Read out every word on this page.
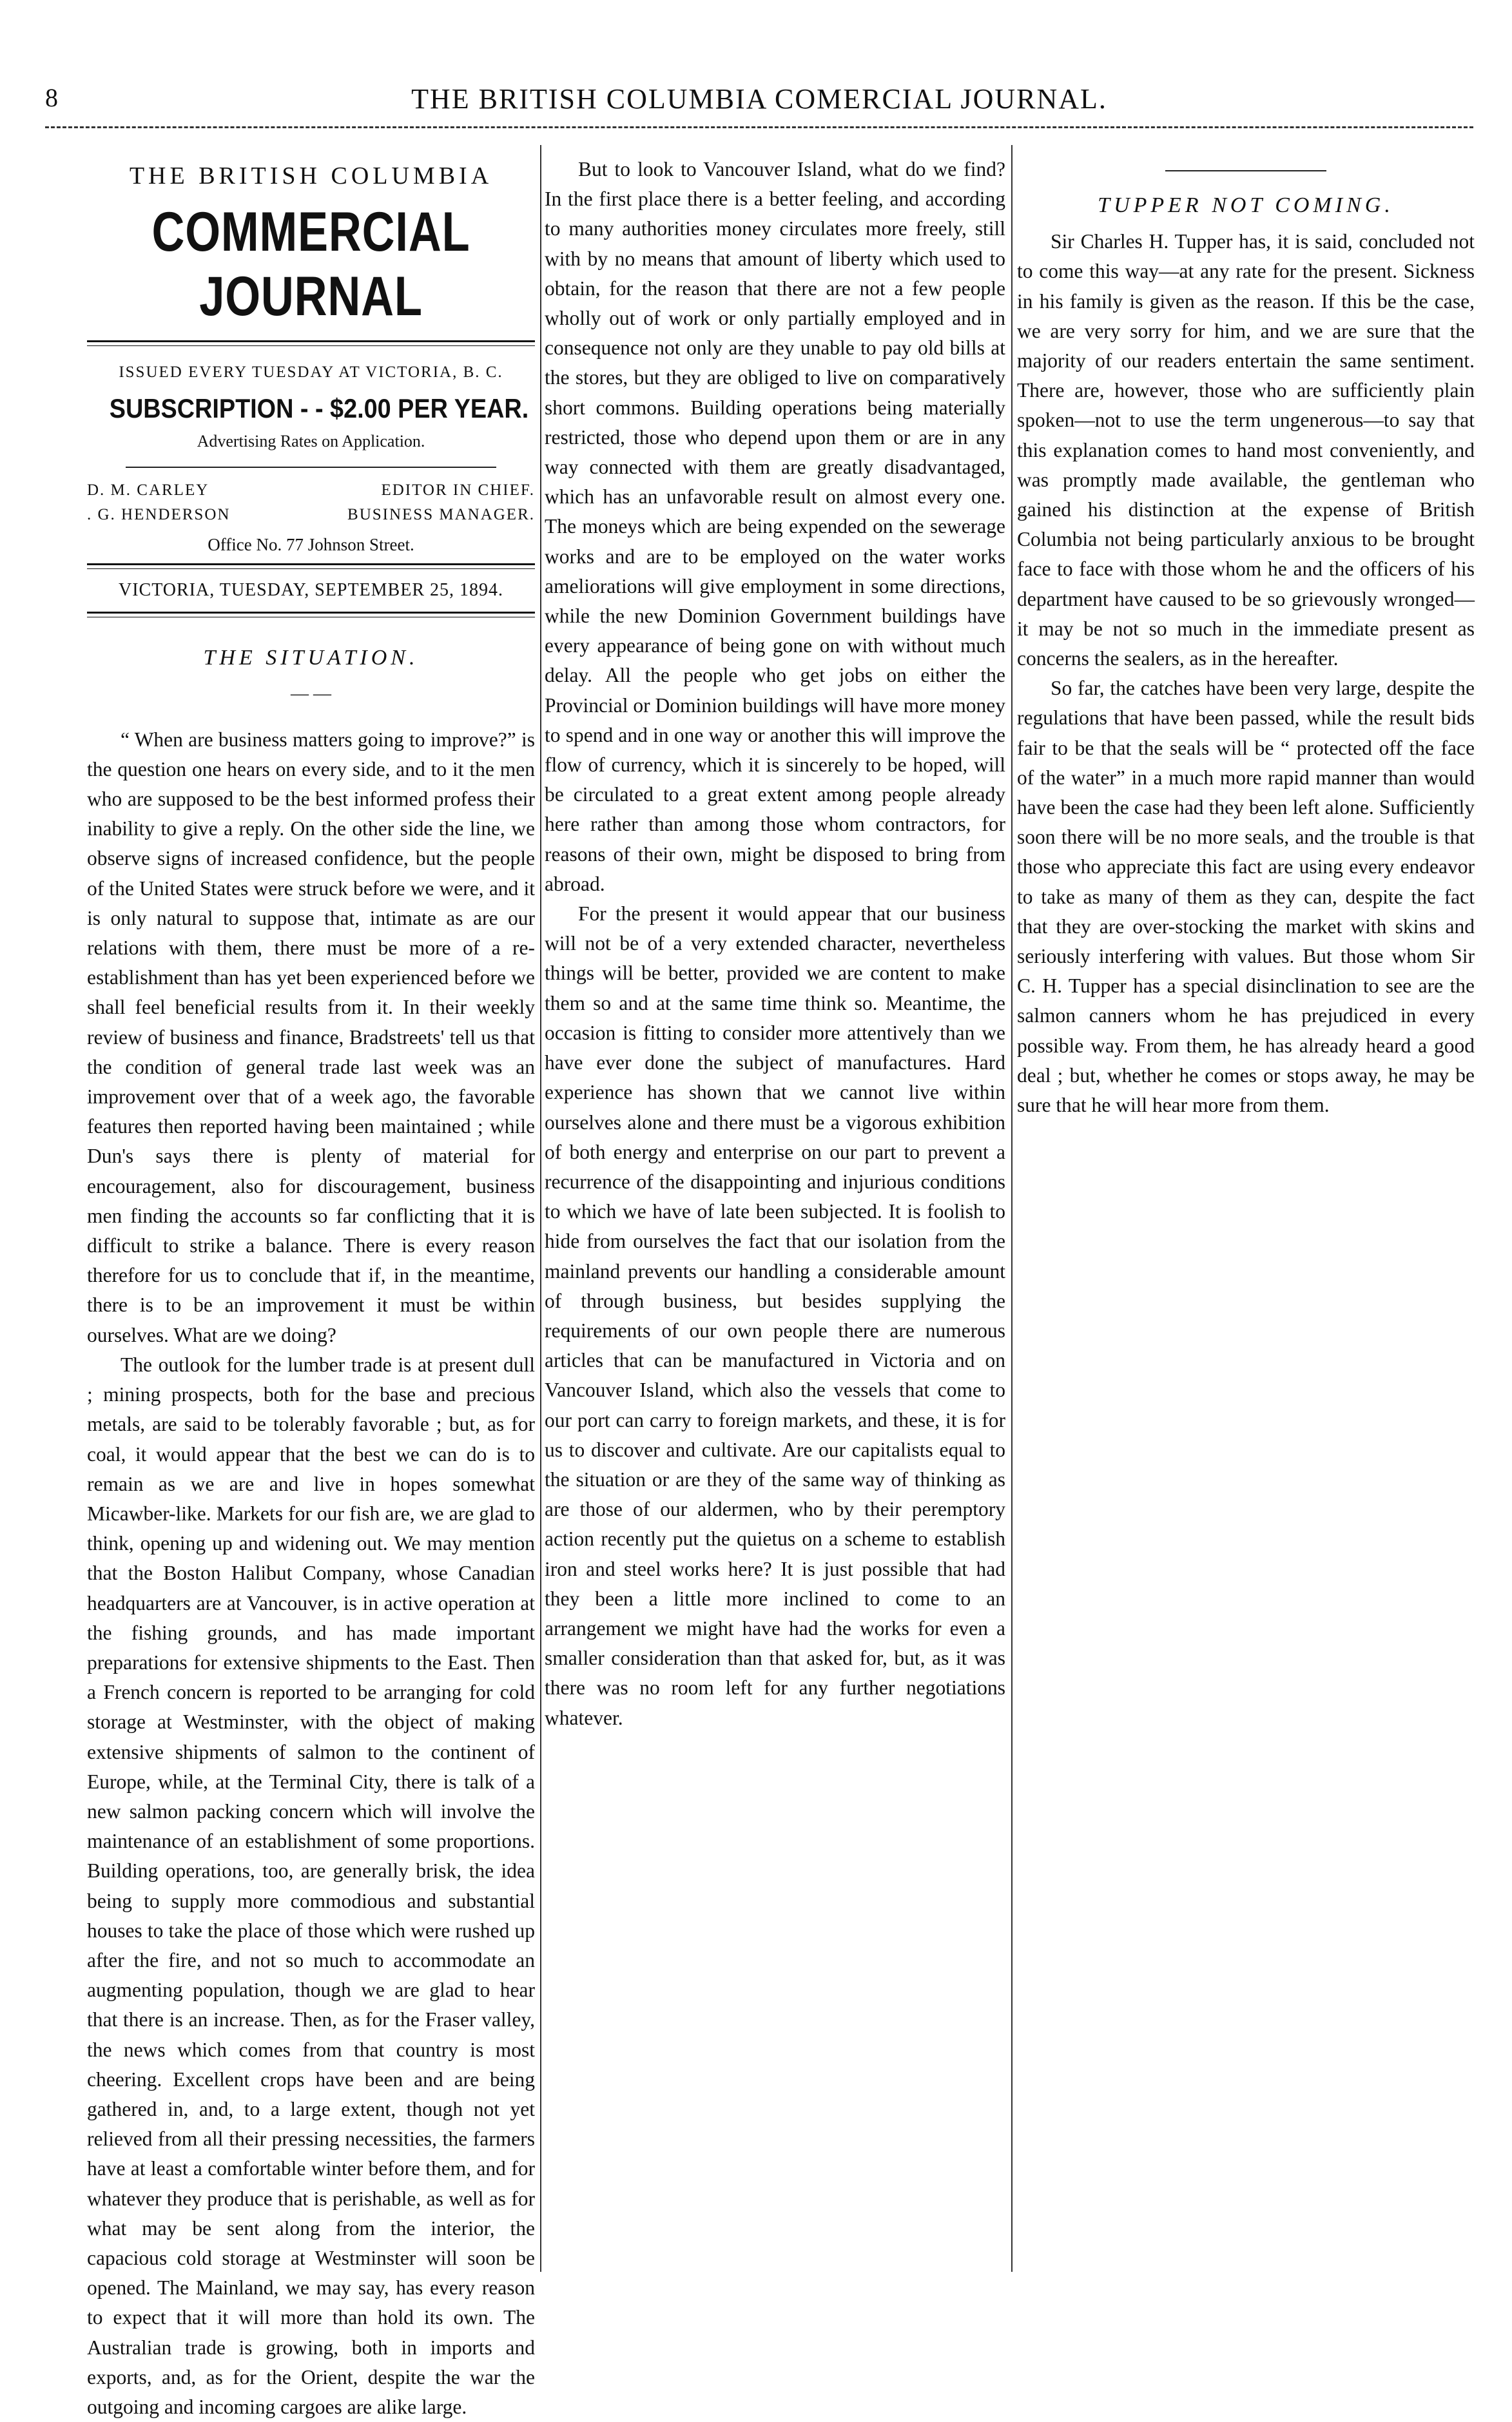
8	THE BRITISH COLUMBIA COMERCIAL JOURNAL.
THE BRITISH COLUMBIA
COMMERCIAL JOURNAL
ISSUED EVERY TUESDAY AT VICTORIA, B. C.
SUBSCRIPTION - - $2.00 PER YEAR.
Advertising Rates on Application.
D. M. CARLEY	EDITOR IN CHIEF.
. G. HENDERSON	BUSINESS MANAGER.
Office No. 77 Johnson Street.
VICTORIA, TUESDAY, SEPTEMBER 25, 1894.
THE SITUATION.
— —

“ When are business matters going to improve?” is the question one hears on every side, and to it the men who are supposed to be the best informed profess their inability to give a reply. On the other side the line, we observe signs of increased confidence, but the people of the United States were struck before we were, and it is only natural to suppose that, intimate as are our relations with them, there must be more of a re-establishment than has yet been experienced before we shall feel beneficial results from it. In their weekly review of business and finance, Bradstreets' tell us that the condition of general trade last week was an improvement over that of a week ago, the favorable features then reported having been maintained ; while Dun's says there is plenty of material for encouragement, also for discouragement, business men finding the accounts so far conflicting that it is difficult to strike a balance. There is every reason therefore for us to conclude that if, in the meantime, there is to be an improvement it must be within ourselves. What are we doing?

The outlook for the lumber trade is at present dull ; mining prospects, both for the base and precious metals, are said to be tolerably favorable ; but, as for coal, it would appear that the best we can do is to remain as we are and live in hopes somewhat Micawber-like. Markets for our fish are, we are glad to think, opening up and widening out. We may mention that the Boston Halibut Company, whose Canadian headquarters are at Vancouver, is in active operation at the fishing grounds, and has made important preparations for extensive shipments to the East. Then a French concern is reported to be arranging for cold storage at Westminster, with the object of making extensive shipments of salmon to the continent of Europe, while, at the Terminal City, there is talk of a new salmon packing concern which will involve the maintenance of an establishment of some proportions. Building operations, too, are generally brisk, the idea being to supply more commodious and substantial houses to take the place of those which were rushed up after the fire, and not so much to accommodate an augmenting population, though we are glad to hear that there is an increase. Then, as for the Fraser valley, the news which comes from that country is most cheering. Excellent crops have been and are being gathered in, and, to a large extent, though not yet relieved from all their pressing necessities, the farmers have at least a comfortable winter before them, and for whatever they produce that is perishable, as well as for what may be sent along from the interior, the capacious cold storage at Westminster will soon be opened. The Mainland, we may say, has every reason to expect that it will more than hold its own. The Australian trade is growing, both in imports and exports, and, as for the Orient, despite the war the outgoing and incoming cargoes are alike large.

But to look to Vancouver Island, what do we find? In the first place there is a better feeling, and according to many authorities money circulates more freely, still with by no means that amount of liberty which used to obtain, for the reason that there are not a few people wholly out of work or only partially employed and in consequence not only are they unable to pay old bills at the stores, but they are obliged to live on comparatively short commons. Building operations being materially restricted, those who depend upon them or are in any way connected with them are greatly disadvantaged, which has an unfavorable result on almost every one. The moneys which are being expended on the sewerage works and are to be employed on the water works ameliorations will give employment in some directions, while the new Dominion Government buildings have every appearance of being gone on with without much delay. All the people who get jobs on either the Provincial or Dominion buildings will have more money to spend and in one way or another this will improve the flow of currency, which it is sincerely to be hoped, will be circulated to a great extent among people already here rather than among those whom contractors, for reasons of their own, might be disposed to bring from abroad.

For the present it would appear that our business will not be of a very extended character, nevertheless things will be better, provided we are content to make them so and at the same time think so. Meantime, the occasion is fitting to consider more attentively than we have ever done the subject of manufactures. Hard experience has shown that we cannot live within ourselves alone and there must be a vigorous exhibition of both energy and enterprise on our part to prevent a recurrence of the disappointing and injurious conditions to which we have of late been subjected. It is foolish to hide from ourselves the fact that our isolation from the mainland prevents our handling a considerable amount of through business, but besides supplying the requirements of our own people there are numerous articles that can be manufactured in Victoria and on Vancouver Island, which also the vessels that come to our port can carry to foreign markets, and these, it is for us to discover and cultivate. Are our capitalists equal to the situation or are they of the same way of thinking as are those of our aldermen, who by their peremptory action recently put the quietus on a scheme to establish iron and steel works here? It is just possible that had they been a little more inclined to come to an arrangement we might have had the works for even a smaller consideration than that asked for, but, as it was there was no room left for any further negotiations whatever.

TUPPER NOT COMING.

Sir Charles H. Tupper has, it is said, concluded not to come this way—at any rate for the present. Sickness in his family is given as the reason. If this be the case, we are very sorry for him, and we are sure that the majority of our readers entertain the same sentiment. There are, however, those who are sufficiently plain spoken—not to use the term ungenerous—to say that this explanation comes to hand most conveniently, and was promptly made available, the gentleman who gained his distinction at the expense of British Columbia not being particularly anxious to be brought face to face with those whom he and the officers of his department have caused to be so grievously wronged—it may be not so much in the immediate present as concerns the sealers, as in the hereafter.

So far, the catches have been very large, despite the regulations that have been passed, while the result bids fair to be that the seals will be “ protected off the face of the water” in a much more rapid manner than would have been the case had they been left alone. Sufficiently soon there will be no more seals, and the trouble is that those who appreciate this fact are using every endeavor to take as many of them as they can, despite the fact that they are over-stocking the market with skins and seriously interfering with values. But those whom Sir C. H. Tupper has a special disinclination to see are the salmon canners whom he has prejudiced in every possible way. From them, he has already heard a good deal ; but, whether he comes or stops away, he may be sure that he will hear more from them.
